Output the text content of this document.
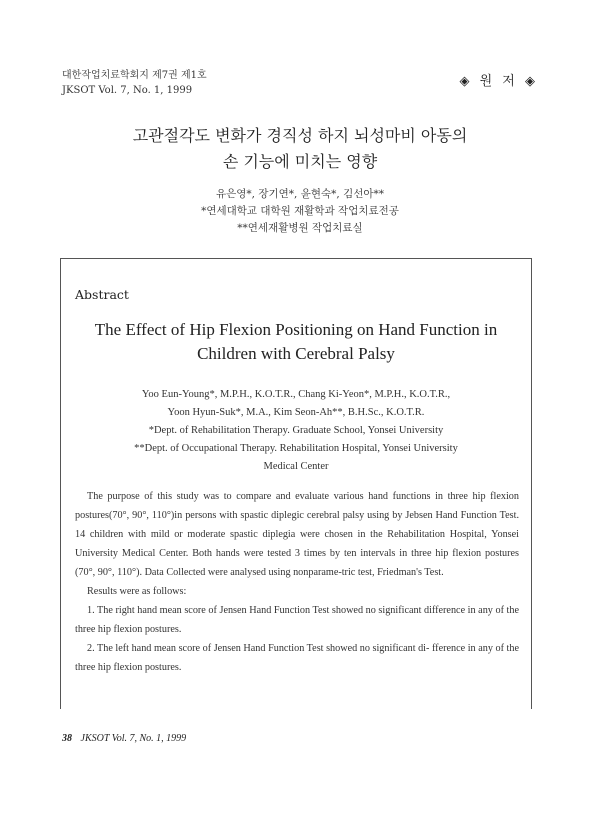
대한작업치료학회지 제7권 제1호
JKSOT Vol. 7, No. 1, 1999
◈ 원 저 ◈
고관절각도 변화가 경직성 하지 뇌성마비 아동의
손 기능에 미치는 영향
유은영*, 장기연*, 윤현숙*, 김선아**
*연세대학교 대학원 재활학과 작업치료전공
**연세재활병원 작업치료실
Abstract
The Effect of Hip Flexion Positioning on Hand Function in
Children with Cerebral Palsy
Yoo Eun-Young*, M.P.H., K.O.T.R., Chang Ki-Yeon*, M.P.H., K.O.T.R.,
Yoon Hyun-Suk*, M.A., Kim Seon-Ah**, B.H.Sc., K.O.T.R.
*Dept. of Rehabilitation Therapy. Graduate School, Yonsei University
**Dept. of Occupational Therapy. Rehabilitation Hospital, Yonsei University
Medical Center

The purpose of this study was to compare and evaluate various hand functions in three hip flexion postures(70°, 90°, 110°)in persons with spastic diplegic cerebral palsy using by Jebsen Hand Function Test. 14 children with mild or moderate spastic diplegia were chosen in the Rehabilitation Hospital, Yonsei University Medical Center. Both hands were tested 3 times by ten intervals in three hip flexion postures (70°, 90°, 110°). Data Collected were analysed using nonparame-tric test, Friedman's Test.

Results were as follows:

1. The right hand mean score of Jensen Hand Function Test showed no significant difference in any of the three hip flexion postures.

2. The left hand mean score of Jensen Hand Function Test showed no significant di- fference in any of the three hip flexion postures.

38 JKSOT Vol. 7, No. 1, 1999
